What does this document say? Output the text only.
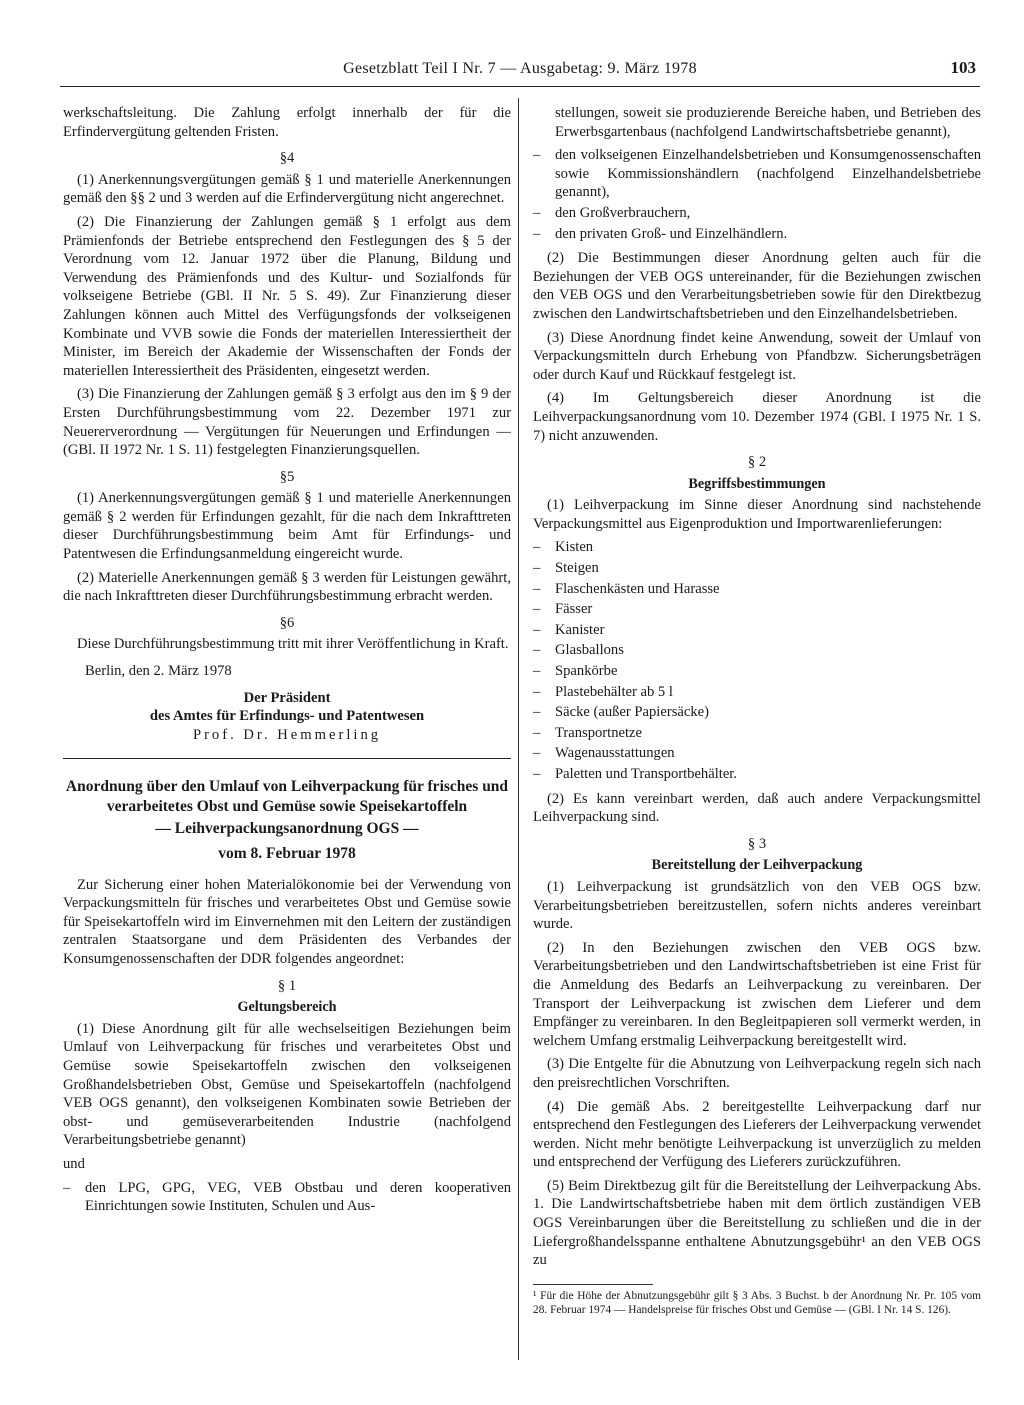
Gesetzblatt Teil I Nr. 7 — Ausgabetag: 9. März 1978	103

werkschaftsleitung. Die Zahlung erfolgt innerhalb der für die Erfindervergütung geltenden Fristen.

§4

(1) Anerkennungsvergütungen gemäß § 1 und materielle Anerkennungen gemäß den §§ 2 und 3 werden auf die Erfindervergütung nicht angerechnet.

(2) Die Finanzierung der Zahlungen gemäß § 1 erfolgt aus dem Prämienfonds der Betriebe entsprechend den Festlegungen des § 5 der Verordnung vom 12. Januar 1972 über die Planung, Bildung und Verwendung des Prämienfonds und des Kultur- und Sozialfonds für volkseigene Betriebe (GBl. II Nr. 5 S. 49). Zur Finanzierung dieser Zahlungen können auch Mittel des Verfügungsfonds der volkseigenen Kombinate und VVB sowie die Fonds der materiellen Interessiertheit der Minister, im Bereich der Akademie der Wissenschaften der Fonds der materiellen Interessiertheit des Präsidenten, eingesetzt werden.

(3) Die Finanzierung der Zahlungen gemäß § 3 erfolgt aus den im § 9 der Ersten Durchführungsbestimmung vom 22. Dezember 1971 zur Neuererverordnung — Vergütungen für Neuerungen und Erfindungen — (GBl. II 1972 Nr. 1 S. 11) festgelegten Finanzierungsquellen.

§5

(1) Anerkennungsvergütungen gemäß § 1 und materielle Anerkennungen gemäß § 2 werden für Erfindungen gezahlt, für die nach dem Inkrafttreten dieser Durchführungsbestimmung beim Amt für Erfindungs- und Patentwesen die Erfindungsanmeldung eingereicht wurde.

(2) Materielle Anerkennungen gemäß § 3 werden für Leistungen gewährt, die nach Inkrafttreten dieser Durchführungsbestimmung erbracht werden.

§6

Diese Durchführungsbestimmung tritt mit ihrer Veröffentlichung in Kraft.

Berlin, den 2. März 1978
Der Präsident
des Amtes für Erfindungs- und Patentwesen
Prof. Dr. Hemmerling
Anordnung über den Umlauf von Leihverpackung für frisches und verarbeitetes Obst und Gemüse sowie Speisekartoffeln
— Leihverpackungsanordnung OGS —
vom 8. Februar 1978

Zur Sicherung einer hohen Materialökonomie bei der Verwendung von Verpackungsmitteln für frisches und verarbeitetes Obst und Gemüse sowie für Speisekartoffeln wird im Einvernehmen mit den Leitern der zuständigen zentralen Staatsorgane und dem Präsidenten des Verbandes der Konsumgenossenschaften der DDR folgendes angeordnet:

§ 1
Geltungsbereich

(1) Diese Anordnung gilt für alle wechselseitigen Beziehungen beim Umlauf von Leihverpackung für frisches und verarbeitetes Obst und Gemüse sowie Speisekartoffeln zwischen den volkseigenen Großhandelsbetrieben Obst, Gemüse und Speisekartoffeln (nachfolgend VEB OGS genannt), den volkseigenen Kombinaten sowie Betrieben der obst- und gemüseverarbeitenden Industrie (nachfolgend Verarbeitungsbetriebe genannt)

und

–	den LPG, GPG, VEG, VEB Obstbau und deren kooperativen Einrichtungen sowie Instituten, Schulen und Aus-

stellungen, soweit sie produzierende Bereiche haben, und Betrieben des Erwerbsgartenbaus (nachfolgend Landwirtschaftsbetriebe genannt),

–	den volkseigenen Einzelhandelsbetrieben und Konsumgenossenschaften sowie Kommissionshändlern (nachfolgend Einzelhandelsbetriebe genannt),
–	den Großverbrauchern,
–	den privaten Groß- und Einzelhändlern.

(2) Die Bestimmungen dieser Anordnung gelten auch für die Beziehungen der VEB OGS untereinander, für die Beziehungen zwischen den VEB OGS und den Verarbeitungsbetrieben sowie für den Direktbezug zwischen den Landwirtschaftsbetrieben und den Einzelhandelsbetrieben.

(3) Diese Anordnung findet keine Anwendung, soweit der Umlauf von Verpackungsmitteln durch Erhebung von Pfandbzw. Sicherungsbeträgen oder durch Kauf und Rückkauf festgelegt ist.

(4) Im Geltungsbereich dieser Anordnung ist die Leihverpackungsanordnung vom 10. Dezember 1974 (GBl. I 1975 Nr. 1 S. 7) nicht anzuwenden.

§ 2
Begriffsbestimmungen

(1) Leihverpackung im Sinne dieser Anordnung sind nachstehende Verpackungsmittel aus Eigenproduktion und Importwarenlieferungen:

–	Kisten
–	Steigen
–	Flaschenkästen und Harasse
–	Fässer
–	Kanister
–	Glasballons
–	Spankörbe
–	Plastebehälter ab 5 l
–	Säcke (außer Papiersäcke)
–	Transportnetze
–	Wagenausstattungen
–	Paletten und Transportbehälter.

(2) Es kann vereinbart werden, daß auch andere Verpackungsmittel Leihverpackung sind.

§ 3
Bereitstellung der Leihverpackung

(1) Leihverpackung ist grundsätzlich von den VEB OGS bzw. Verarbeitungsbetrieben bereitzustellen, sofern nichts anderes vereinbart wurde.

(2) In den Beziehungen zwischen den VEB OGS bzw. Verarbeitungsbetrieben und den Landwirtschaftsbetrieben ist eine Frist für die Anmeldung des Bedarfs an Leihverpackung zu vereinbaren. Der Transport der Leihverpackung ist zwischen dem Lieferer und dem Empfänger zu vereinbaren. In den Begleitpapieren soll vermerkt werden, in welchem Umfang erstmalig Leihverpackung bereitgestellt wird.

(3) Die Entgelte für die Abnutzung von Leihverpackung regeln sich nach den preisrechtlichen Vorschriften.

(4) Die gemäß Abs. 2 bereitgestellte Leihverpackung darf nur entsprechend den Festlegungen des Lieferers der Leihverpackung verwendet werden. Nicht mehr benötigte Leihverpackung ist unverzüglich zu melden und entsprechend der Verfügung des Lieferers zurückzuführen.

(5) Beim Direktbezug gilt für die Bereitstellung der Leihverpackung Abs. 1. Die Landwirtschaftsbetriebe haben mit dem örtlich zuständigen VEB OGS Vereinbarungen über die Bereitstellung zu schließen und die in der Liefergroßhandelsspanne enthaltene Abnutzungsgebühr¹ an den VEB OGS zu

¹ Für die Höhe der Abnutzungsgebühr gilt § 3 Abs. 3 Buchst. b der Anordnung Nr. Pr. 105 vom 28. Februar 1974 — Handelspreise für frisches Obst und Gemüse — (GBl. I Nr. 14 S. 126).
